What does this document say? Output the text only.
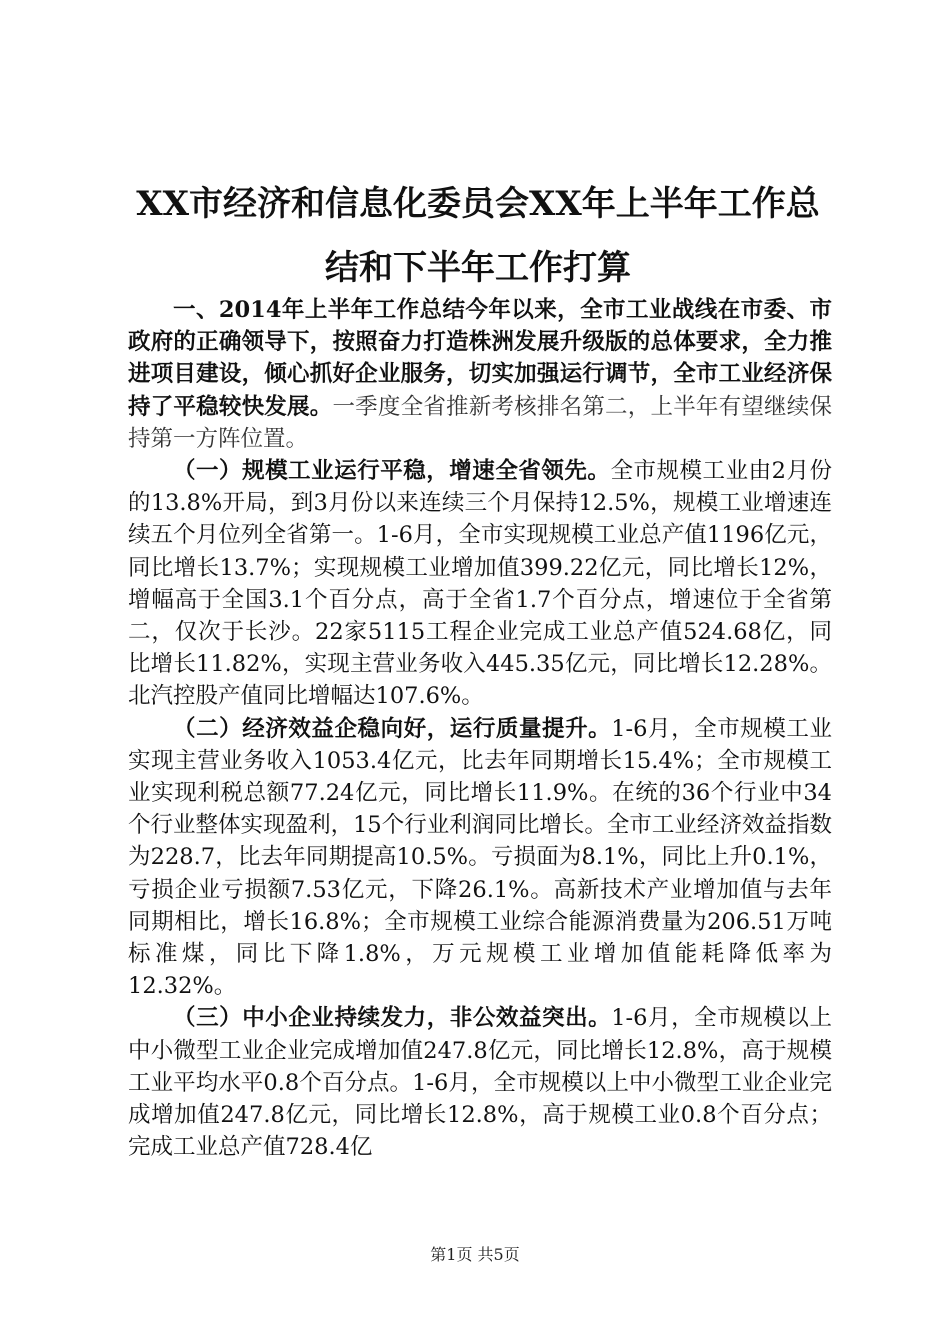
XX市经济和信息化委员会XX年上半年工作总
结和下半年工作打算

一、2014年上半年工作总结今年以来，全市工业战线在市委、市政府的正确领导下，按照奋力打造株洲发展升级版的总体要求，全力推进项目建设，倾心抓好企业服务，切实加强运行调节，全市工业经济保持了平稳较快发展。一季度全省推新考核排名第二，上半年有望继续保持第一方阵位置。

（一）规模工业运行平稳，增速全省领先。全市规模工业由2月份的13.8%开局，到3月份以来连续三个月保持12.5%，规模工业增速连续五个月位列全省第一。1-6月，全市实现规模工业总产值1196亿元，同比增长13.7%；实现规模工业增加值399.22亿元，同比增长12%，增幅高于全国3.1个百分点，高于全省1.7个百分点，增速位于全省第二，仅次于长沙。22家5115工程企业完成工业总产值524.68亿，同比增长11.82%，实现主营业务收入445.35亿元，同比增长12.28%。北汽控股产值同比增幅达107.6%。

（二）经济效益企稳向好，运行质量提升。1-6月，全市规模工业实现主营业务收入1053.4亿元，比去年同期增长15.4%；全市规模工业实现利税总额77.24亿元，同比增长11.9%。在统的36个行业中34个行业整体实现盈利，15个行业利润同比增长。全市工业经济效益指数为228.7，比去年同期提高10.5%。亏损面为8.1%，同比上升0.1%，亏损企业亏损额7.53亿元，下降26.1%。高新技术产业增加值与去年同期相比，增长16.8%；全市规模工业综合能源消费量为206.51万吨标准煤，同比下降1.8%，万元规模工业增加值能耗降低率为12.32%。

（三）中小企业持续发力，非公效益突出。1-6月，全市规模以上中小微型工业企业完成增加值247.8亿元，同比增长12.8%，高于规模工业平均水平0.8个百分点。1-6月，全市规模以上中小微型工业企业完成增加值247.8亿元，同比增长12.8%，高于规模工业0.8个百分点；完成工业总产值728.4亿

第1页 共5页
